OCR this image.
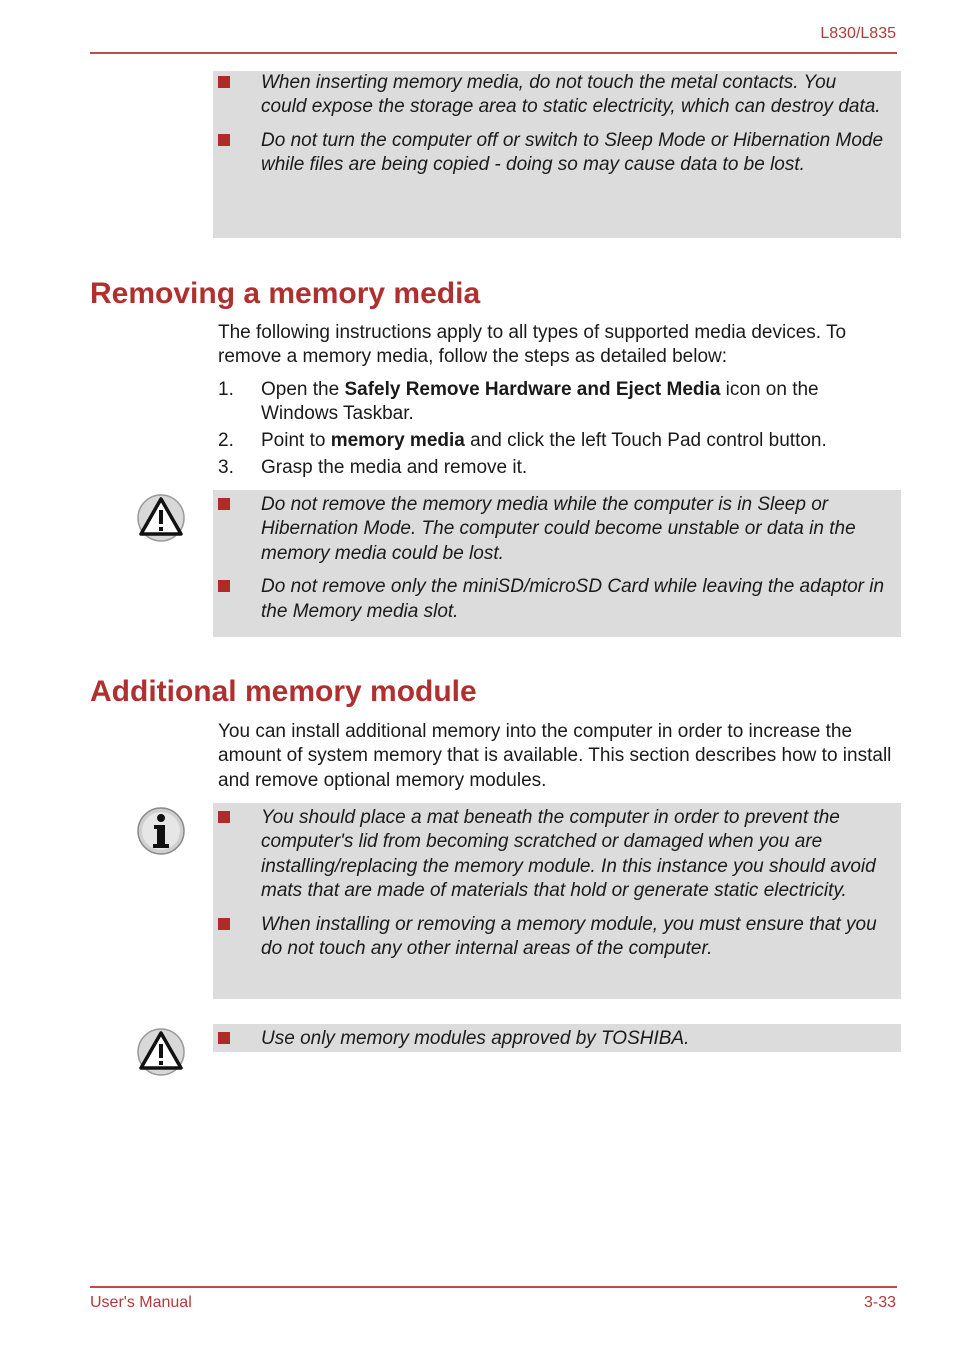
L830/L835
When inserting memory media, do not touch the metal contacts. You could expose the storage area to static electricity, which can destroy data.
Do not turn the computer off or switch to Sleep Mode or Hibernation Mode while files are being copied - doing so may cause data to be lost.
Removing a memory media

The following instructions apply to all types of supported media devices. To remove a memory media, follow the steps as detailed below:

1. Open the Safely Remove Hardware and Eject Media icon on the Windows Taskbar.
2. Point to memory media and click the left Touch Pad control button.
3. Grasp the media and remove it.
Do not remove the memory media while the computer is in Sleep or Hibernation Mode. The computer could become unstable or data in the memory media could be lost.
Do not remove only the miniSD/microSD Card while leaving the adaptor in the Memory media slot.
Additional memory module

You can install additional memory into the computer in order to increase the amount of system memory that is available. This section describes how to install and remove optional memory modules.

You should place a mat beneath the computer in order to prevent the computer's lid from becoming scratched or damaged when you are installing/replacing the memory module. In this instance you should avoid mats that are made of materials that hold or generate static electricity.
When installing or removing a memory module, you must ensure that you do not touch any other internal areas of the computer.
Use only memory modules approved by TOSHIBA.
User's Manual	3-33
